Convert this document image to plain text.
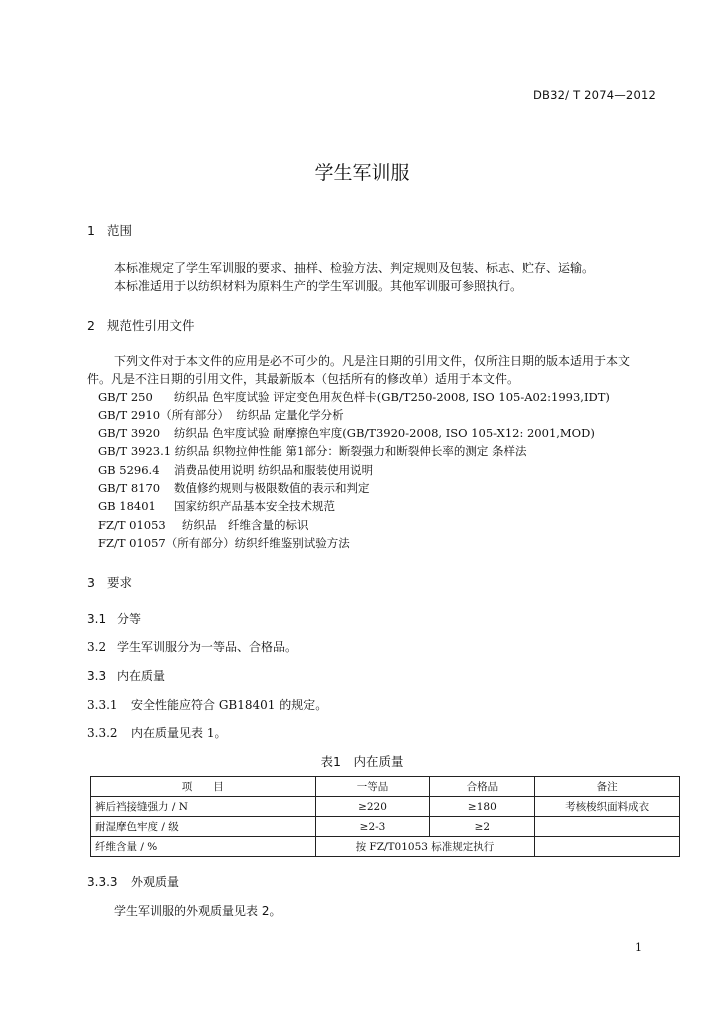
DB32/ T 2074—2012
学生军训服
1 范围
本标准规定了学生军训服的要求、抽样、检验方法、判定规则及包装、标志、贮存、运输。
本标准适用于以纺织材料为原料生产的学生军训服。其他军训服可参照执行。
2 规范性引用文件
下列文件对于本文件的应用是必不可少的。凡是注日期的引用文件，仅所注日期的版本适用于本文
件。凡是不注日期的引用文件，其最新版本（包括所有的修改单）适用于本文件。
GB/T 250 纺织品 色牢度试验 评定变色用灰色样卡(GB/T250-2008, ISO 105-A02:1993,IDT)
GB/T 2910（所有部分） 纺织品 定量化学分析
GB/T 3920 纺织品 色牢度试验 耐摩擦色牢度(GB/T3920-2008, ISO 105-X12: 2001,MOD)
GB/T 3923.1 纺织品 织物拉伸性能 第1部分：断裂强力和断裂伸长率的测定 条样法
GB 5296.4 消费品使用说明 纺织品和服装使用说明
GB/T 8170 数值修约规则与极限数值的表示和判定
GB 18401 国家纺织产品基本安全技术规范
FZ/T 01053 纺织品　纤维含量的标识
FZ/T 01057（所有部分）纺织纤维鉴别试验方法
3 要求
3.1 分等
3.2 学生军训服分为一等品、合格品。
3.3 内在质量
3.3.1 安全性能应符合 GB18401 的规定。
3.3.2 内在质量见表 1。
表1　内在质量
项　　目	一等品	合格品	备注
裤后裆接缝强力 / N	≥220	≥180	考核梭织面料成衣
耐湿摩色牢度 / 级	≥2-3	≥2	
纤维含量 / %	按 FZ/T01053 标准规定执行		
3.3.3 外观质量
学生军训服的外观质量见表 2。
1
